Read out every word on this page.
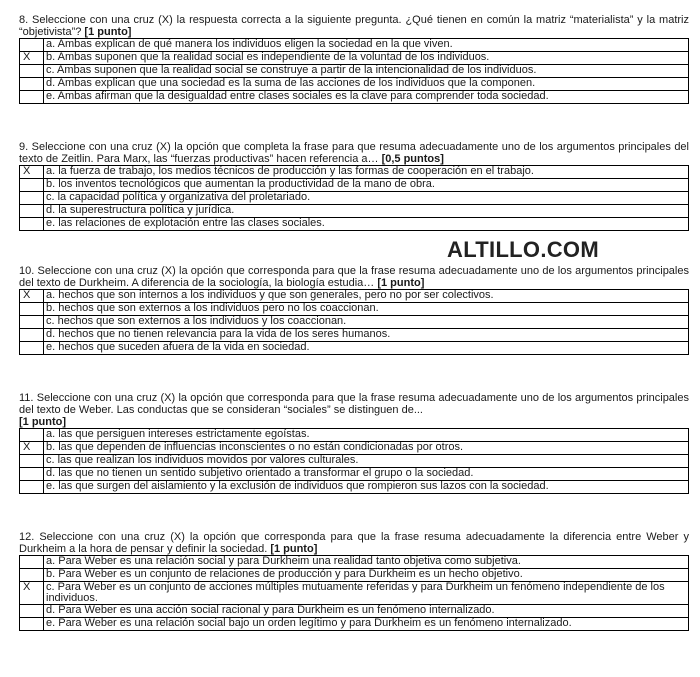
8. Seleccione con una cruz (X) la respuesta correcta a la siguiente pregunta. ¿Qué tienen en común la matriz “materialista” y la matriz “objetivista”? [1 punto]

	a. Ambas explican de qué manera los individuos eligen la sociedad en la que viven.
X	b. Ambas suponen que la realidad social es independiente de la voluntad de los individuos.
	c. Ambas suponen que la realidad social se construye a partir de la intencionalidad de los individuos.
	d. Ambas explican que una sociedad es la suma de las acciones de los individuos que la componen.
	e. Ambas afirman que la desigualdad entre clases sociales es la clave para comprender toda sociedad.

9. Seleccione con una cruz (X) la opción que completa la frase para que resuma adecuadamente uno de los argumentos principales del texto de Zeitlin. Para Marx, las “fuerzas productivas” hacen referencia a… [0,5 puntos]

X	a. la fuerza de trabajo, los medios técnicos de producción y las formas de cooperación en el trabajo.
	b. los inventos tecnológicos que aumentan la productividad de la mano de obra.
	c. la capacidad política y organizativa del proletariado.
	d. la superestructura política y jurídica.
	e. las relaciones de explotación entre las clases sociales.
ALTILLO.COM

10. Seleccione con una cruz (X) la opción que corresponda para que la frase resuma adecuadamente uno de los argumentos principales del texto de Durkheim. A diferencia de la sociología, la biología estudia… [1 punto]

X	a. hechos que son internos a los individuos y que son generales, pero no por ser colectivos.
	b. hechos que son externos a los individuos pero no los coaccionan.
	c. hechos que son externos a los individuos y los coaccionan.
	d. hechos que no tienen relevancia para la vida de los seres humanos.
	e. hechos que suceden afuera de la vida en sociedad.

11. Seleccione con una cruz (X) la opción que corresponda para que la frase resuma adecuadamente uno de los argumentos principales del texto de Weber. Las conductas que se consideran “sociales” se distinguen de...
[1 punto]

	a. las que persiguen intereses estrictamente egoístas.
X	b. las que dependen de influencias inconscientes o no están condicionadas por otros.
	c. las que realizan los individuos movidos por valores culturales.
	d. las que no tienen un sentido subjetivo orientado a transformar el grupo o la sociedad.
	e. las que surgen del aislamiento y la exclusión de individuos que rompieron sus lazos con la sociedad.

12. Seleccione con una cruz (X) la opción que corresponda para que la frase resuma adecuadamente la diferencia entre Weber y Durkheim a la hora de pensar y definir la sociedad. [1 punto]

	a. Para Weber es una relación social y para Durkheim una realidad tanto objetiva como subjetiva.
	b. Para Weber es un conjunto de relaciones de producción y para Durkheim es un hecho objetivo.
X	c. Para Weber es un conjunto de acciones múltiples mutuamente referidas y para Durkheim un fenómeno independiente de los individuos.
	d. Para Weber es una acción social racional y para Durkheim es un fenómeno internalizado.
	e. Para Weber es una relación social bajo un orden legítimo y para Durkheim es un fenómeno internalizado.
